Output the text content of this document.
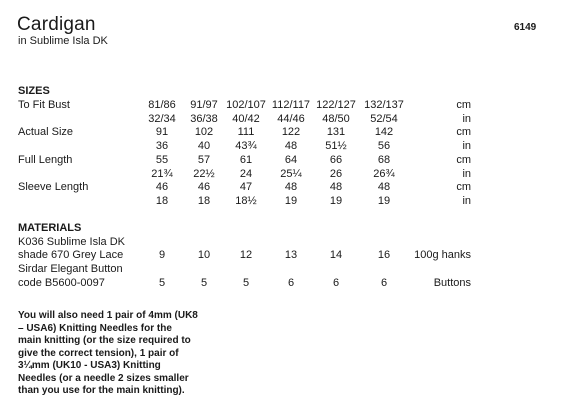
Cardigan
in Sublime Isla DK
6149
SIZES
To Fit Bust	81/86	91/97 102/107 112/117 122/127 132/137	cm
32/34	36/38	40/42	44/46	48/50	52/54	in
Actual Size	91	102	111	122	131	142	cm
36	40	43¾	48	51½	56	in
Full Length	55	57	61	64	66	68	cm
21¾	22½	24	25¼	26	26¾	in
Sleeve Length	46	46	47	48	48	48	cm
18	18	18½	19	19	19	in
MATERIALS
K036 Sublime Isla DK
shade 670 Grey Lace	9	10	12	13	14	16	100g hanks
Sirdar Elegant Button
code B5600-0097	5	5	5	6	6	6	Buttons
You will also need 1 pair of 4mm (UK8 – USA6) Knitting Needles for the main knitting (or the size required to give the correct tension), 1 pair of 3¼mm (UK10 - USA3) Knitting Needles (or a needle 2 sizes smaller than you use for the main knitting).
